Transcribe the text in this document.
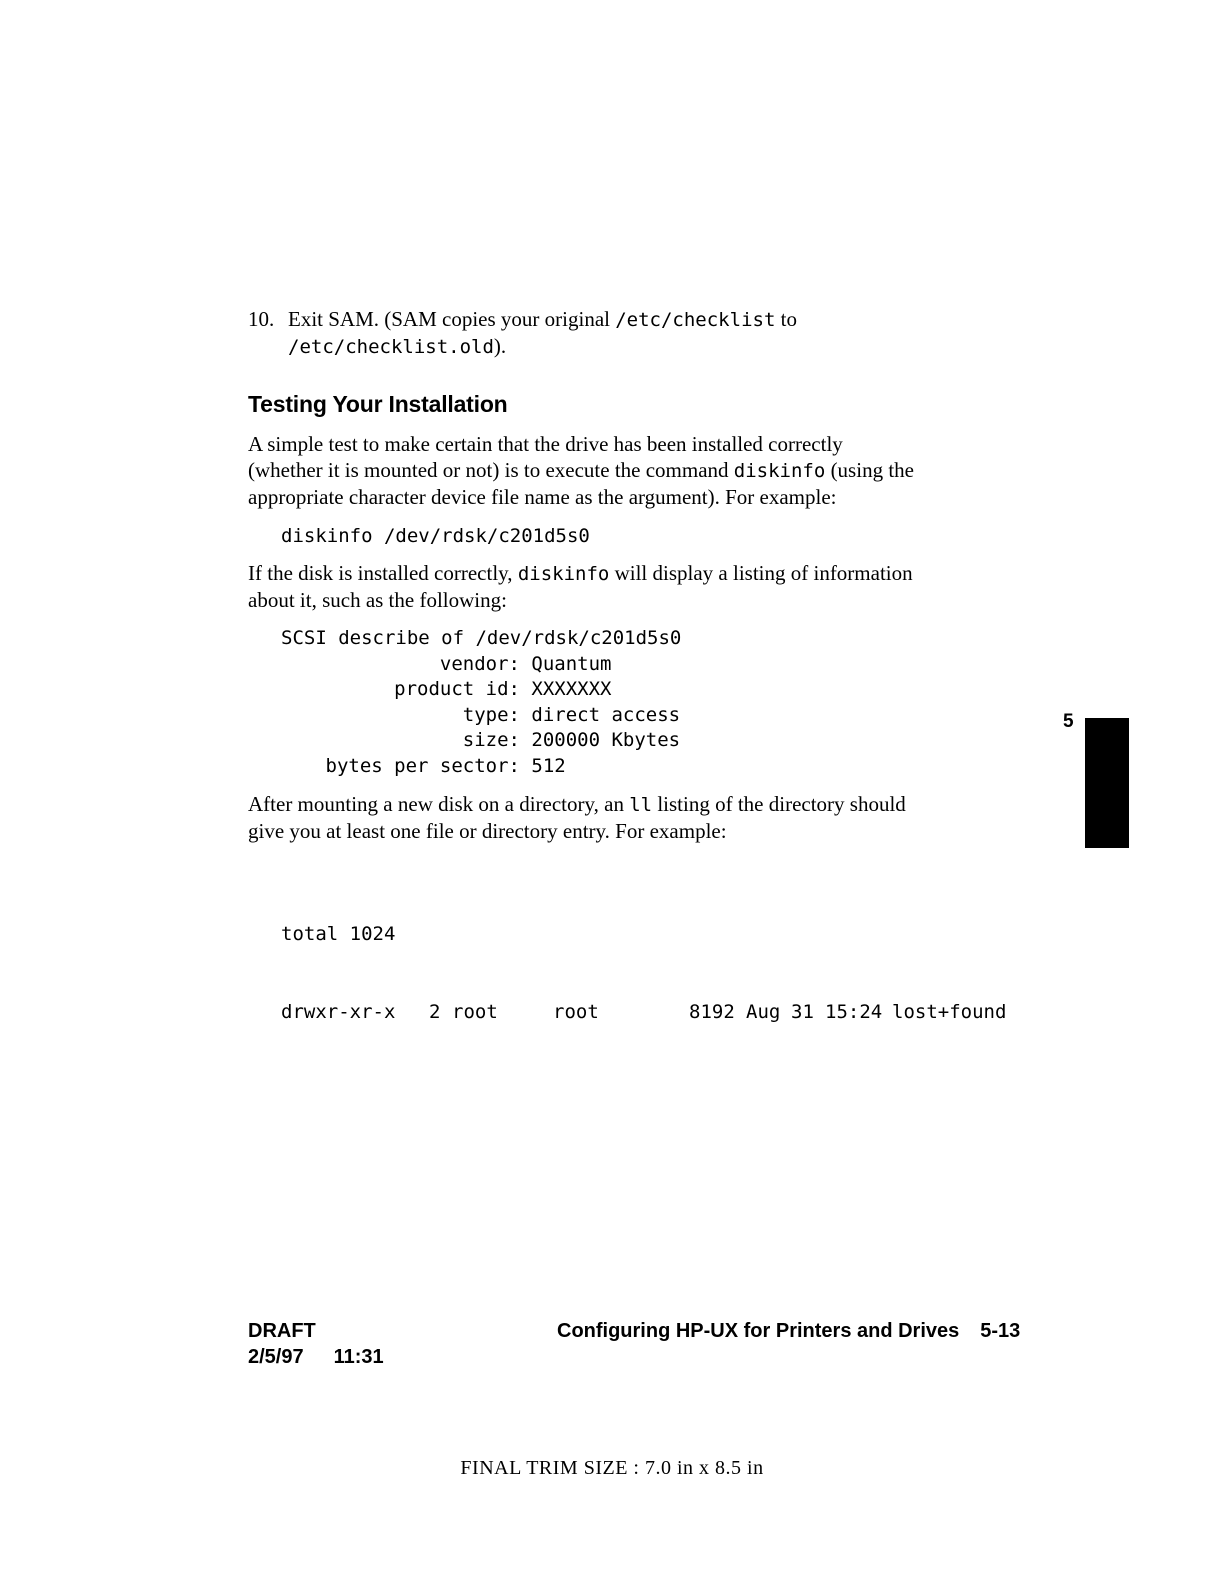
10. Exit SAM. (SAM copies your original /etc/checklist to

/etc/checklist.old).

Testing Your Installation

A simple test to make certain that the drive has been installed correctly

(whether it is mounted or not) is to execute the command diskinfo (using the

appropriate character device file name as the argument). For example:

diskinfo /dev/rdsk/c201d5s0

If the disk is installed correctly, diskinfo will display a listing of information

about it, such as the following:

SCSI describe of /dev/rdsk/c201d5s0
vendor: Quantum
product id: XXXXXXX
type: direct access
size: 200000 Kbytes
bytes per sector: 512

After mounting a new disk on a directory, an ll listing of the directory should

give you at least one file or directory entry. For example:

total 1024

drwxr-xr-x

2

root

	root

	8192

Aug

31

15:24

lost+found

5
DRAFT
2/5/97 11:31
Configuring HP-UX for Printers and Drives 5-13
FINAL TRIM SIZE : 7.0 in x 8.5 in
